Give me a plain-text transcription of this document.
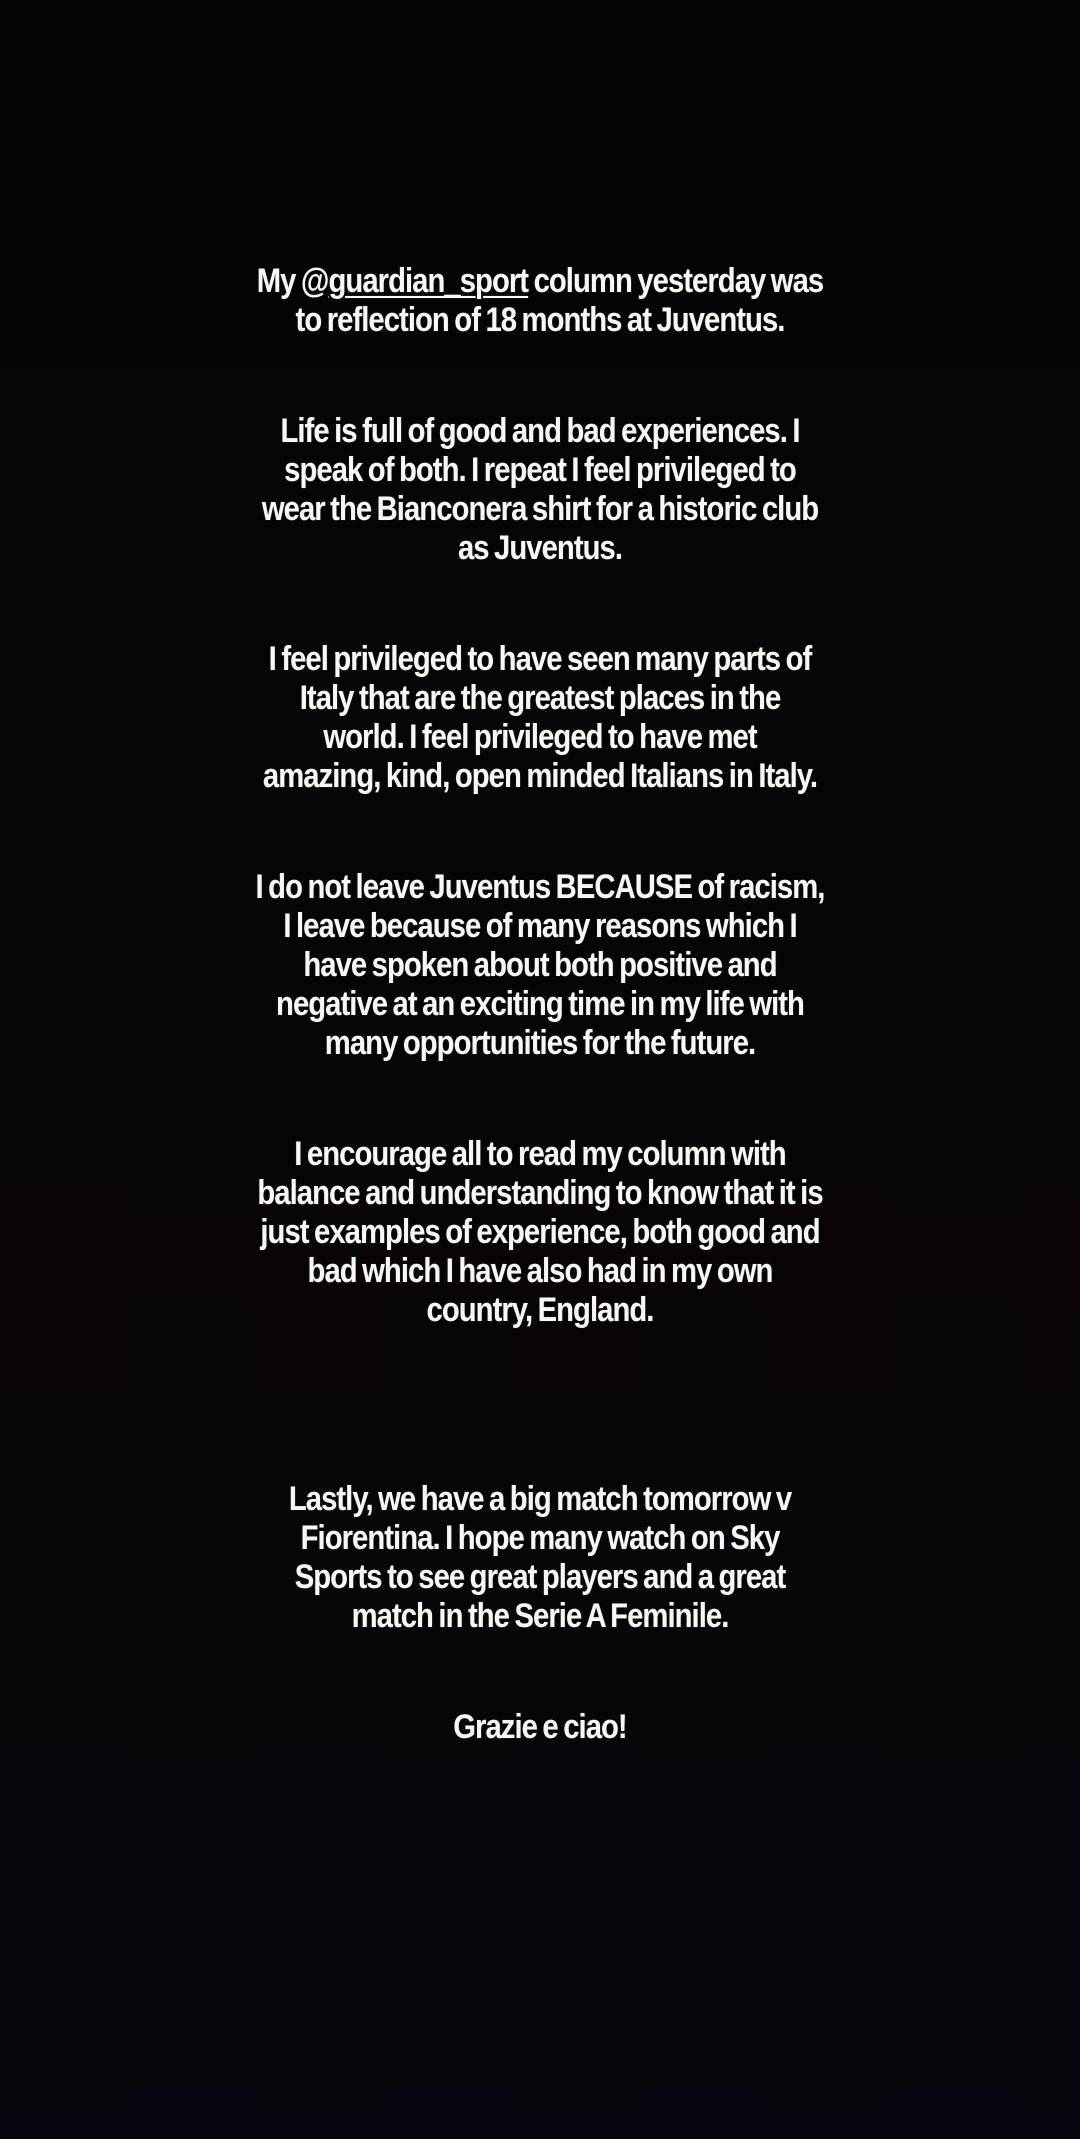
My @guardian_sport column yesterday was
to reflection of 18 months at Juventus.
Life is full of good and bad experiences. I
speak of both. I repeat I feel privileged to
wear the Bianconera shirt for a historic club
as Juventus.
I feel privileged to have seen many parts of
Italy that are the greatest places in the
world. I feel privileged to have met
amazing, kind, open minded Italians in Italy.
I do not leave Juventus BECAUSE of racism,
I leave because of many reasons which I
have spoken about both positive and
negative at an exciting time in my life with
many opportunities for the future.
I encourage all to read my column with
balance and understanding to know that it is
just examples of experience, both good and
bad which I have also had in my own
country, England.
Lastly, we have a big match tomorrow v
Fiorentina. I hope many watch on Sky
Sports to see great players and a great
match in the Serie A Feminile.
Grazie e ciao!
